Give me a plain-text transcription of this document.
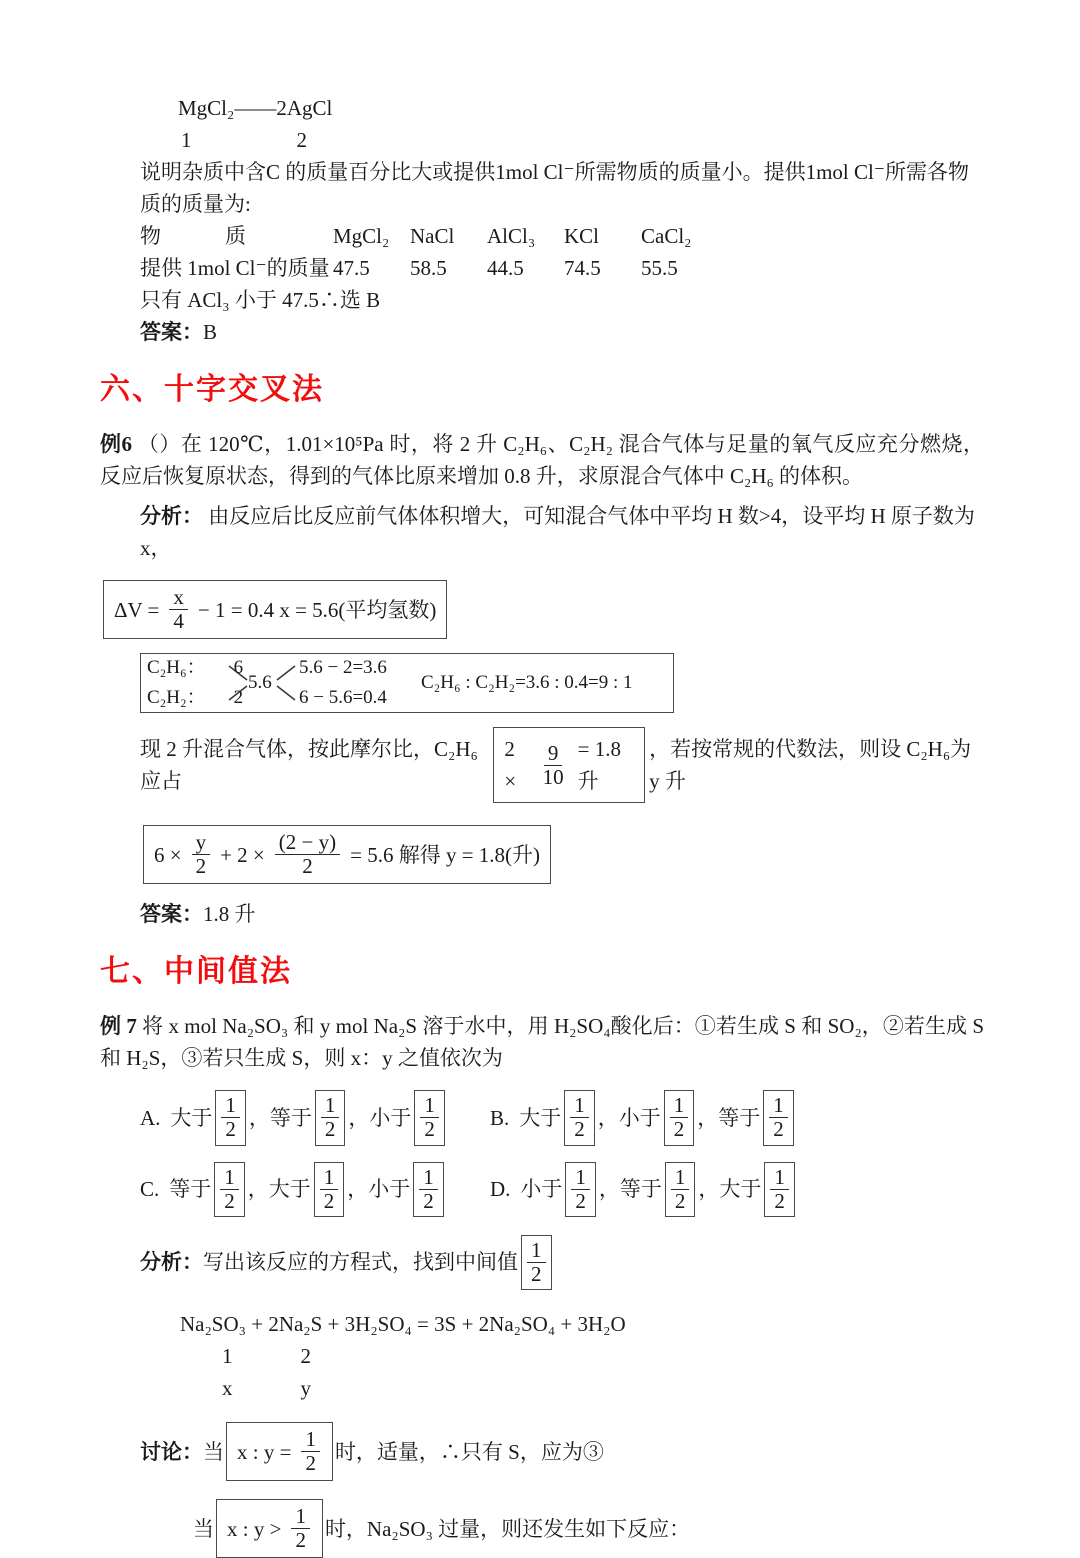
MgCl₂——2AgCl
1	2
说明杂质中含C 的质量百分比大或提供1mol Cl⁻所需物质的质量小。提供1mol Cl⁻所需各物质的质量为:
物	质	MgCl₂ NaCl	AlCl₃	KCl	CaCl₂
提供 1mol Cl⁻的质量 47.5	58.5	44.5	74.5	55.5
只有 ACl₃ 小于 47.5∴选 B
答案：B
六、十字交叉法
例6 （）在 120℃，1.01×10⁵Pa 时，将 2 升 C₂H₆、C₂H₂ 混合气体与足量的氧气反应充分燃烧，反应后恢复原状态，得到的气体比原来增加 0.8 升，求原混合气体中 C₂H₆ 的体积。
分析： 由反应后比反应前气体体积增大，可知混合气体中平均 H 数>4，设平均 H 原子数为 x，
$\Delta V = \frac{x}{4} - 1 = 0.4$ x = 5.6(平均氢数)
C₂H₆： 6
C₂H₂： 2
5.6
5.6 − 2=3.6
6 − 5.6=0.4
C₂H₆ : C₂H₂=3.6 : 0.4=9 : 1
现 2 升混合气体，按此摩尔比，C₂H₆应占
2 ×	$\frac{9}{10} = 1.8$升
，若按常规的代数法，则设 C₂H₆为 y 升
$6 \times \frac{y}{2} + 2 \times \frac{(2 - y)}{2} = 5.6$ 解得 y = 1.8(升)
答案：1.8 升
七、中间值法
例 7 将 x mol Na₂SO₃ 和 y mol Na₂S 溶于水中，用 H₂SO₄酸化后：①若生成 S 和 SO₂，②若生成 S 和 H₂S，③若只生成 S，则 x：y 之值依次为
A. 大于 $\frac{1}{2}$ ，等于 $\frac{1}{2}$ ，小于 $\frac{1}{2} B$. 大于 $\frac{1}{2}$ ，小于 $\frac{1}{2}$ ，等于 $\frac{1}{2}$
C. 等于 $\frac{1}{2}$ ，大于 $\frac{1}{2}$ ，小于 $\frac{1}{2} D$. 小于 $\frac{1}{2}$ ，等于 $\frac{1}{2}$ ，大于 $\frac{1}{2}$
分析： 写出该反应的方程式，找到中间值 $\frac{1}{2}$
Na₂SO₃ + 2Na₂S + 3H₂SO₄ = 3S + 2Na₂SO₄ + 3H₂O
1	2
x	y
讨论： 当 x : $y = \frac{1}{2}$ 时，适量，∴只有 S，应为③
当 x : $y > \frac{1}{2}$ 时，Na₂SO₃ 过量，则还发生如下反应：
